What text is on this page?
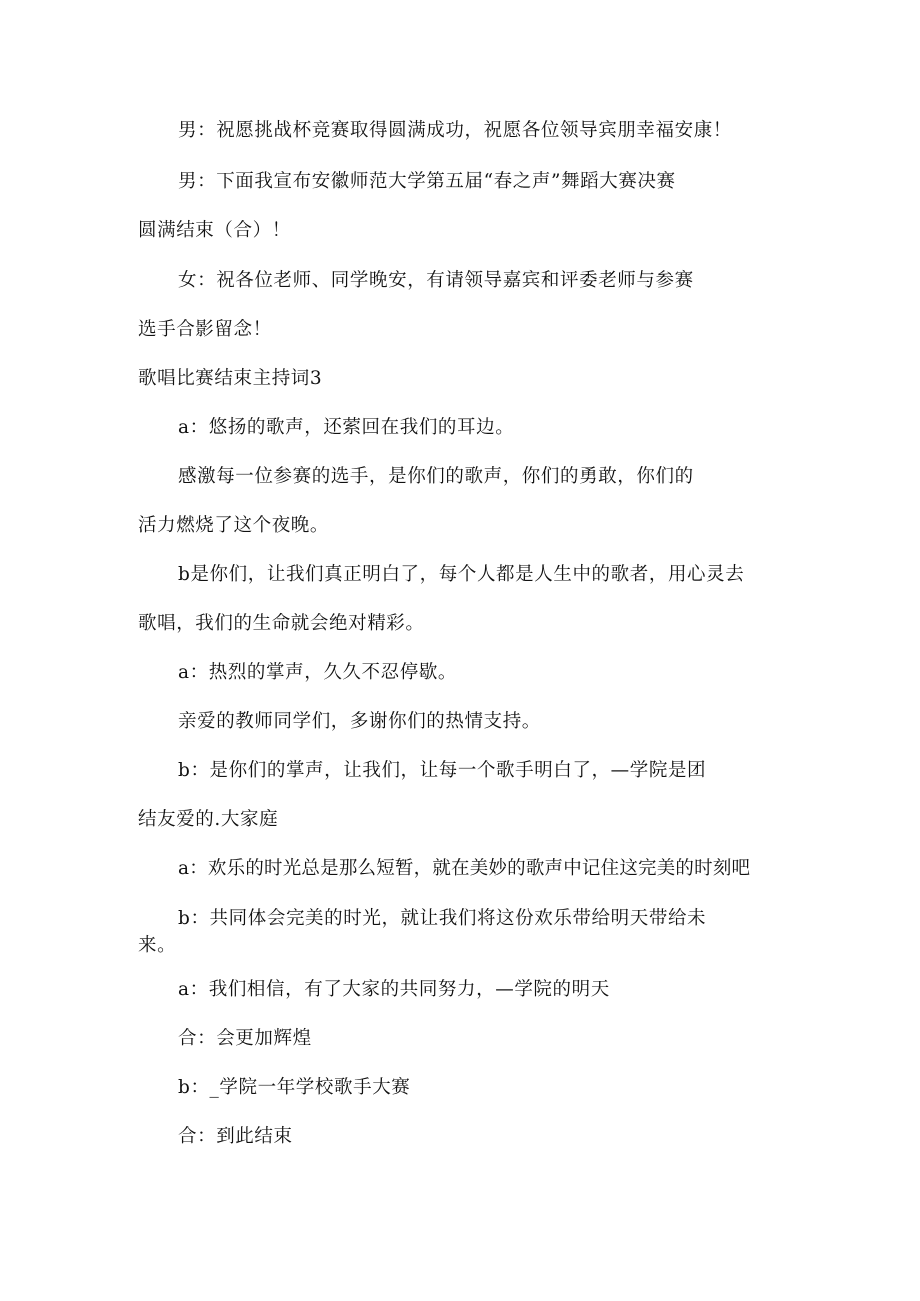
男：祝愿挑战杯竞赛取得圆满成功，祝愿各位领导宾朋幸福安康！
男：下面我宣布安徽师范大学第五届“春之声”舞蹈大赛决赛
圆满结束（合）！
女：祝各位老师、同学晚安，有请领导嘉宾和评委老师与参赛
选手合影留念！
歌唱比赛结束主持词3
a：悠扬的歌声，还萦回在我们的耳边。
感激每一位参赛的选手，是你们的歌声，你们的勇敢，你们的
活力燃烧了这个夜晚。
b是你们，让我们真正明白了，每个人都是人生中的歌者，用心灵去
歌唱，我们的生命就会绝对精彩。
a：热烈的掌声，久久不忍停歇。
亲爱的教师同学们，多谢你们的热情支持。
b：是你们的掌声，让我们，让每一个歌手明白了，—学院是团
结友爱的.大家庭
a：欢乐的时光总是那么短暂，就在美妙的歌声中记住这完美的时刻吧
b：共同体会完美的时光，就让我们将这份欢乐带给明天带给未
来。
a：我们相信，有了大家的共同努力，—学院的明天
合：会更加辉煌
b：_学院一年学校歌手大赛
合：到此结束
